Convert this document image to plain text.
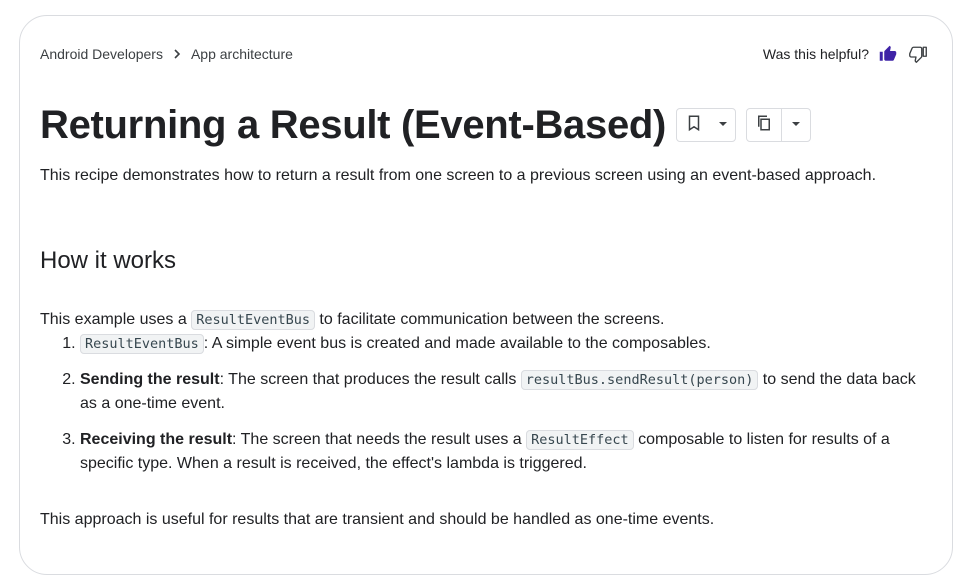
Android Developers App architecture	Was this helpful?
Returning a Result (Event-Based)

This recipe demonstrates how to return a result from one screen to a previous screen using an event-based approach.

How it works

This example uses a ResultEventBus to facilitate communication between the screens.

1. ResultEventBus : A simple event bus is created and made available to the composables.
2. Sending the result: The screen that produces the result calls resultBus.sendResult(person) to send the data back as a one-time event.
3. Receiving the result: The screen that needs the result uses a ResultEffect composable to listen for results of a specific type. When a result is received, the effect's lambda is triggered.

This approach is useful for results that are transient and should be handled as one-time events.
